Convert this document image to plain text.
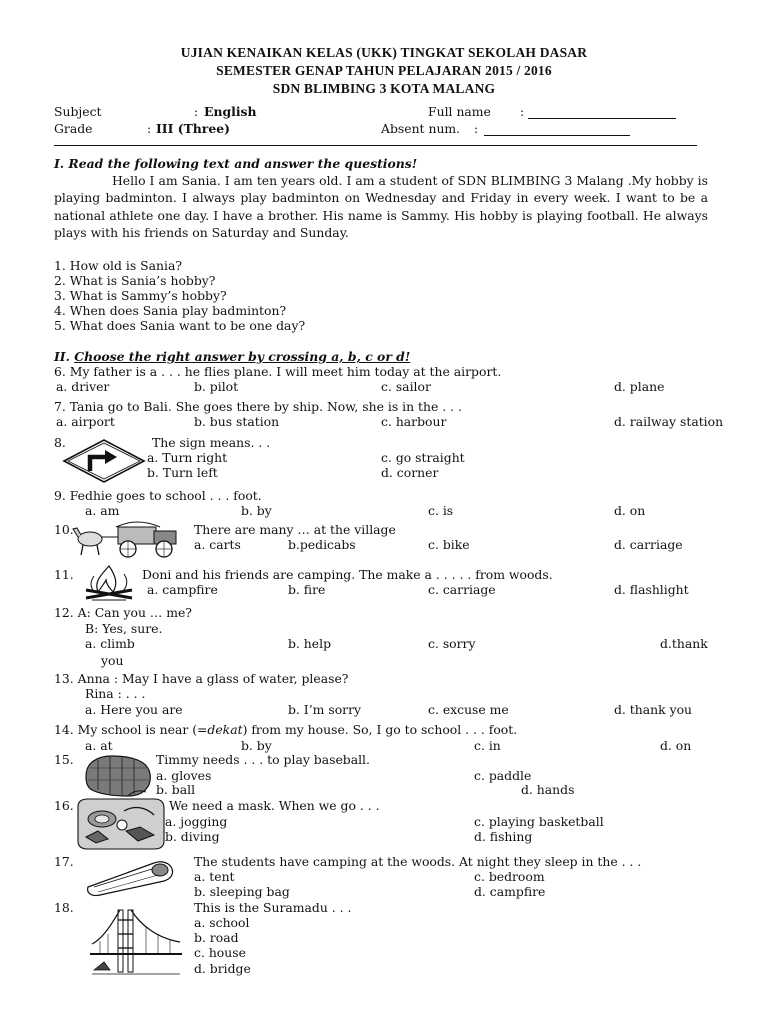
UJIAN KENAIKAN KELAS (UKK) TINGKAT SEKOLAH DASAR
SEMESTER GENAP TAHUN PELAJARAN 2015 / 2016
SDN BLIMBING 3 KOTA MALANG
Subject	: English	Full name :
Grade	: III (Three)	Absent num. :
I. Read the following text and answer the questions!
Hello I am Sania. I am ten years old. I am a student of SDN BLIMBING 3 Malang .My hobby is playing badminton. I always play badminton on Wednesday and Friday in every week. I want to be a national athlete one day. I have a brother. His name is Sammy. His hobby is playing football. He always plays with his friends on Saturday and Sunday.
1. How old is Sania?
2. What is Sania’s hobby?
3. What is Sammy’s hobby?
4. When does Sania play badminton?
5. What does Sania want to be one day?
II. Choose the right answer by crossing a, b, c or d!
6. My father is a . . . he flies plane. I will meet him today at the airport.
a. driver	b. pilot	c. sailor	d. plane
7. Tania go to Bali. She goes there by ship. Now, she is in the . . .
a. airport	b. bus station	c. harbour	d. railway station
8.	The sign means. . .
a. Turn right
b. Turn left
c. go straight
d. corner
9. Fedhie goes to school . . . foot.
a. am	b. by	c. is	d. on
10.	There are many … at the village
a. carts	b.pedicabs	c. bike	d. carriage
11.	Doni and his friends are camping. The make a . . . . . from woods.
a. campfire	b. fire	c. carriage	d. flashlight
12. A: Can you … me?
B: Yes, sure.
a. climb	b. help	c. sorry	d.thank
you
13. Anna : May I have a glass of water, please?
Rina : . . .
a. Here you are	b. I’m sorry	c. excuse me	d. thank you
14. My school is near (=dekat) from my house. So, I go to school . . . foot.
a. at	b. by	c. in	d. on
15.	Timmy needs . . . to play baseball.
a. gloves
b. ball
c. paddle
d. hands
16.	We need a mask. When we go . . .
a. jogging
b. diving
c. playing basketball
d. fishing
17.	The students have camping at the woods. At night they sleep in the . . .
a. tent
b. sleeping bag
c. bedroom
d. campfire
18.	This is the Suramadu . . .
a. school
b. road
c. house
d. bridge
